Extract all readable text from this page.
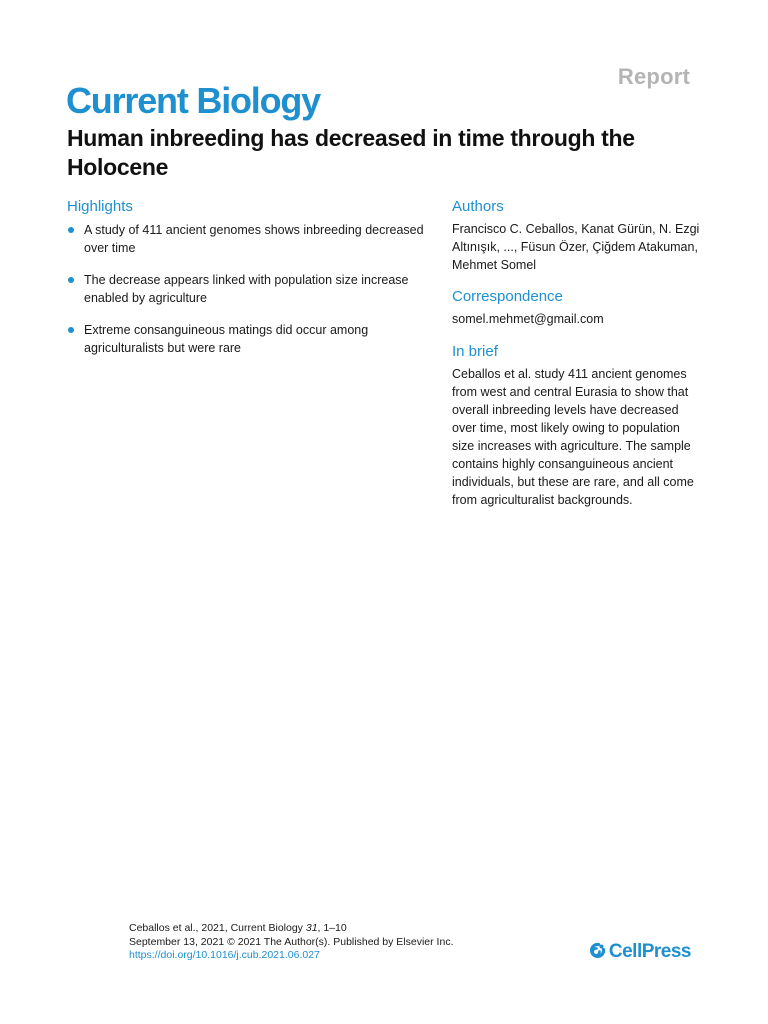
Report
Current Biology
Human inbreeding has decreased in time through the Holocene
Highlights
A study of 411 ancient genomes shows inbreeding decreased over time
The decrease appears linked with population size increase enabled by agriculture
Extreme consanguineous matings did occur among agriculturalists but were rare
Authors

Francisco C. Ceballos, Kanat Gürün, N. Ezgi Altınışık, ..., Füsun Özer, Çiğdem Atakuman, Mehmet Somel

Correspondence

somel.mehmet@gmail.com

In brief

Ceballos et al. study 411 ancient genomes from west and central Eurasia to show that overall inbreeding levels have decreased over time, most likely owing to population size increases with agriculture. The sample contains highly consanguineous ancient individuals, but these are rare, and all come from agriculturalist backgrounds.

Ceballos et al., 2021, Current Biology 31, 1–10
September 13, 2021 © 2021 The Author(s). Published by Elsevier Inc.
https://doi.org/10.1016/j.cub.2021.06.027	CellPress
